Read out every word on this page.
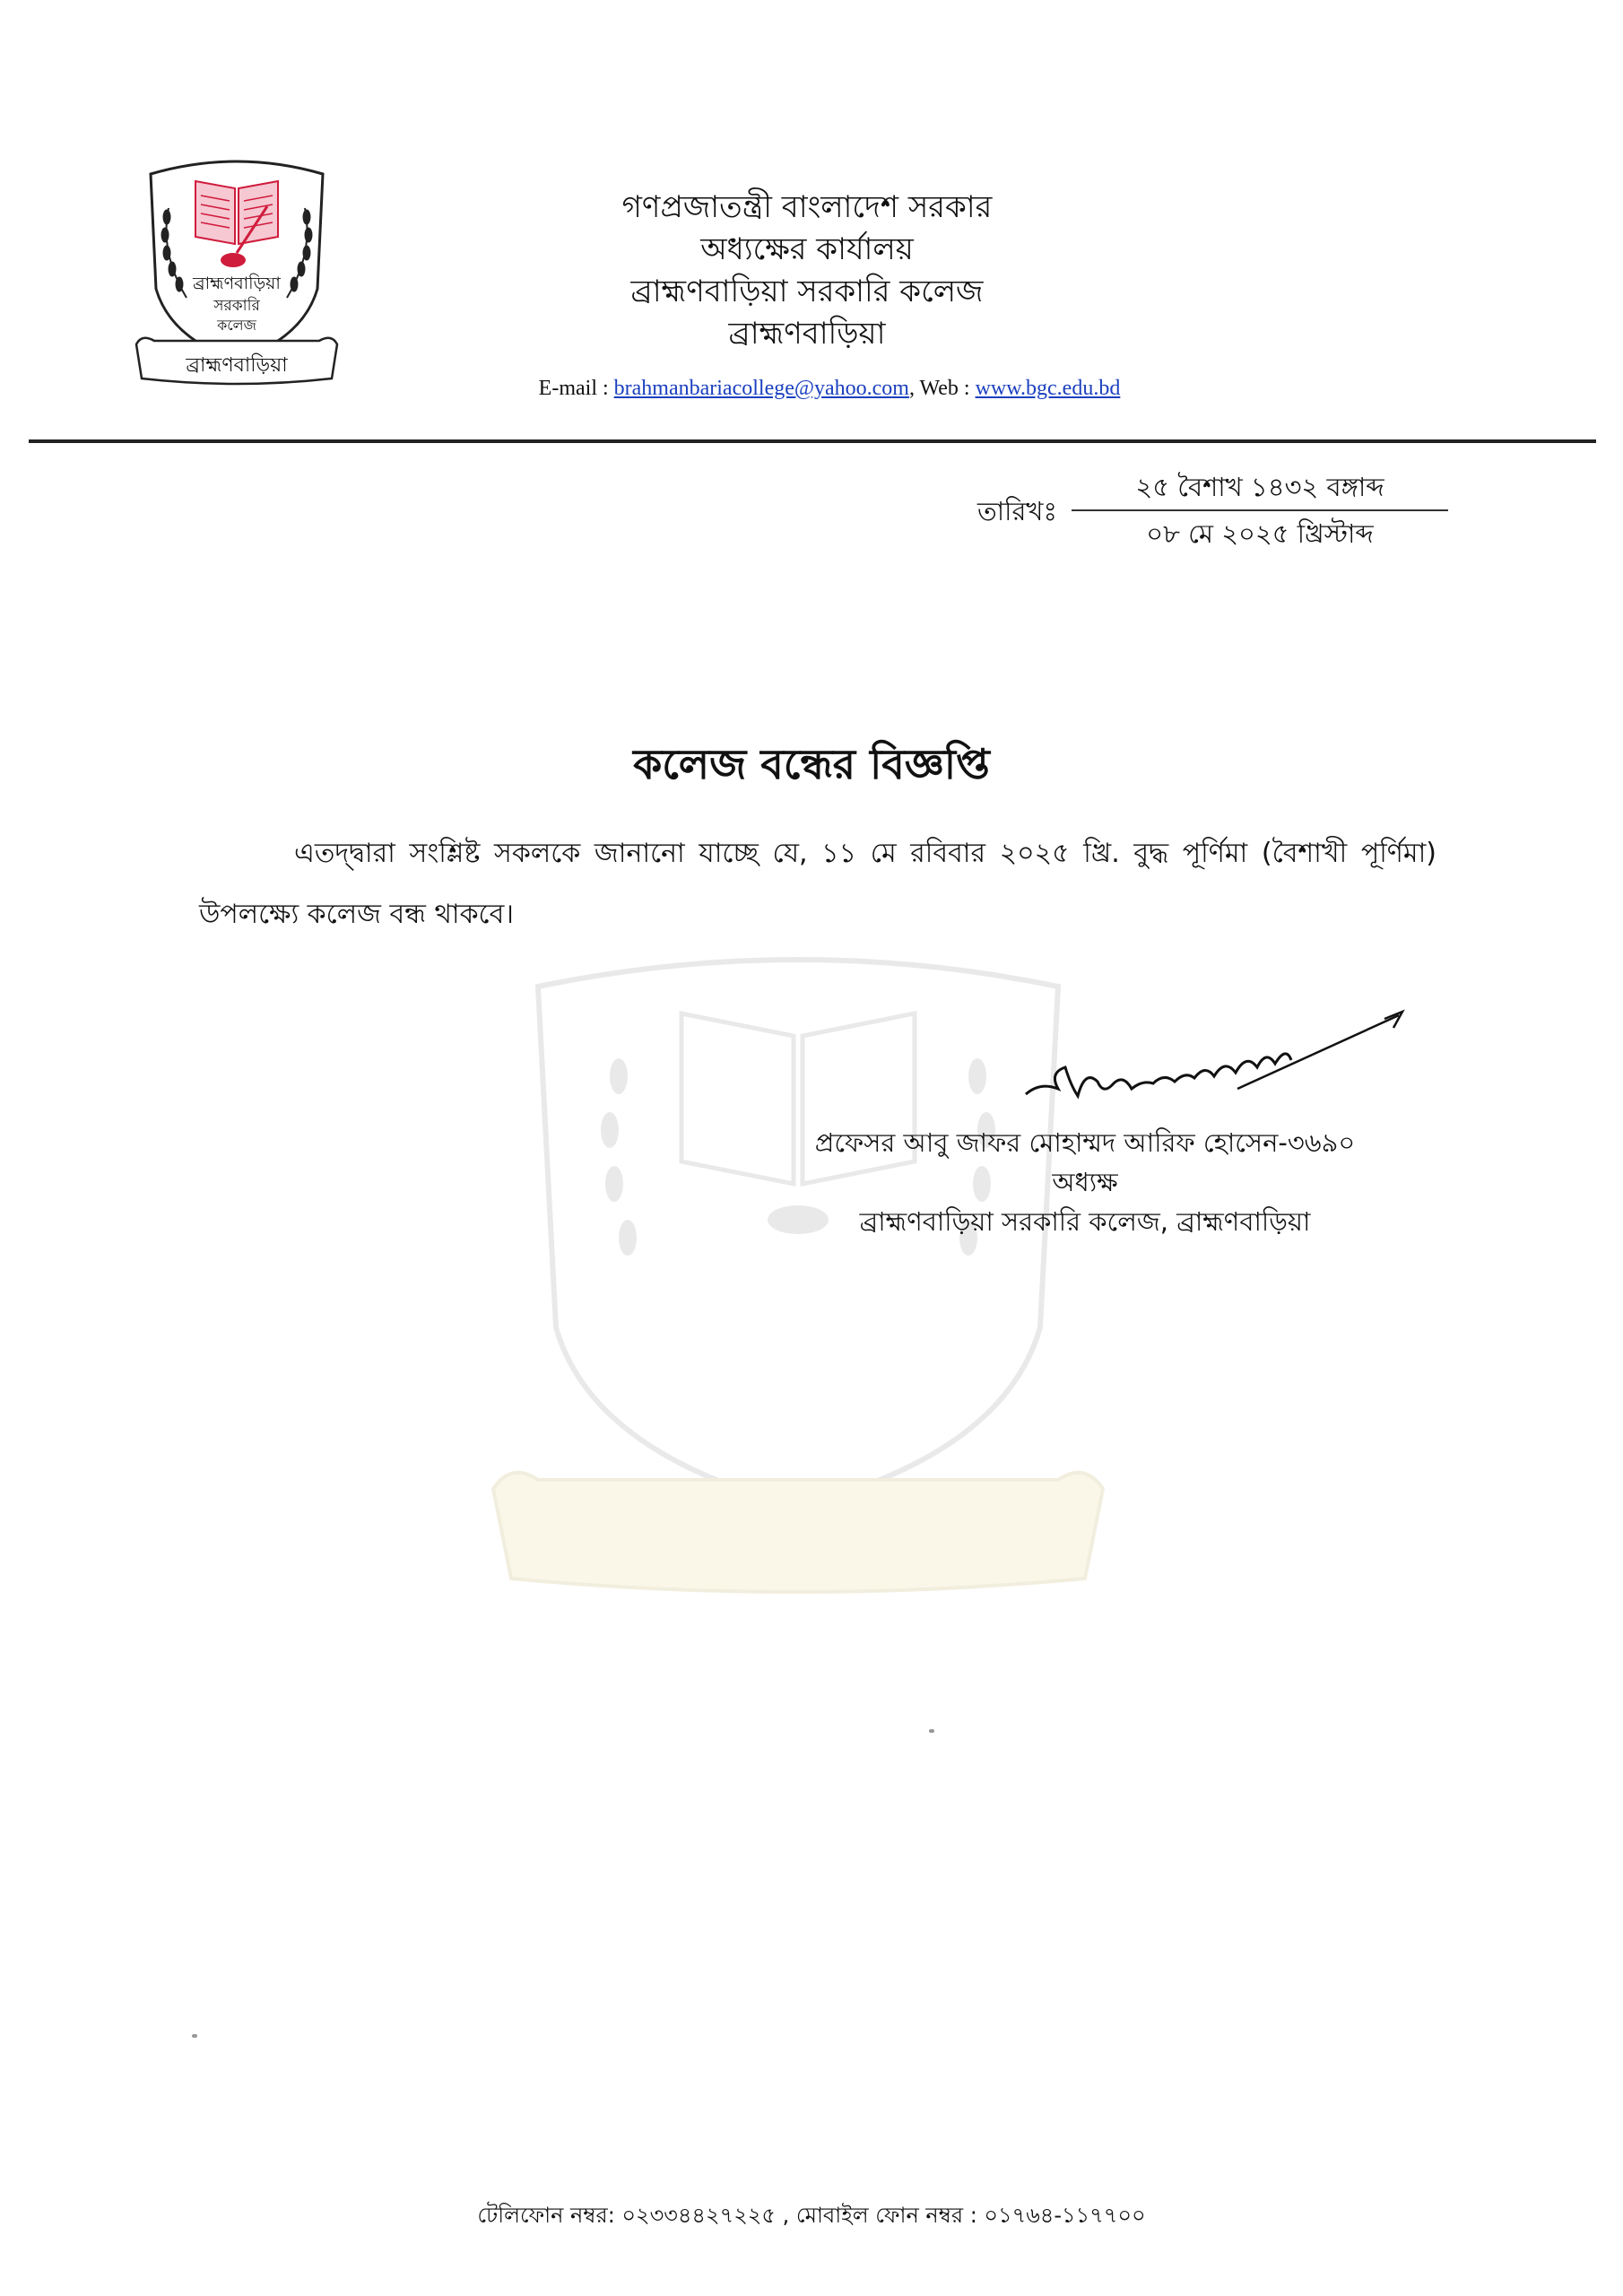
ব্রাহ্মণবাড়িয়া
সরকারি
কলেজ
ব্রাহ্মণবাড়িয়া
গণপ্রজাতন্ত্রী বাংলাদেশ সরকার
অধ্যক্ষের কার্যালয়
ব্রাহ্মণবাড়িয়া সরকারি কলেজ
ব্রাহ্মণবাড়িয়া
E-mail : brahmanbariacollege@yahoo.com, Web : www.bgc.edu.bd
তারিখঃ
২৫ বৈশাখ ১৪৩২ বঙ্গাব্দ
০৮ মে ২০২৫ খ্রিস্টাব্দ
কলেজ বন্ধের বিজ্ঞপ্তি
এতদ্দ্বারা সংশ্লিষ্ট সকলকে জানানো যাচ্ছে যে, ১১ মে রবিবার ২০২৫ খ্রি. বুদ্ধ পূর্ণিমা (বৈশাখী পূর্ণিমা) উপলক্ষ্যে কলেজ বন্ধ থাকবে।
প্রফেসর আবু জাফর মোহাম্মদ আরিফ হোসেন-৩৬৯০
অধ্যক্ষ
ব্রাহ্মণবাড়িয়া সরকারি কলেজ, ব্রাহ্মণবাড়িয়া
টেলিফোন নম্বর: ০২৩৩৪৪২৭২২৫ , মোবাইল ফোন নম্বর : ০১৭৬৪-১১৭৭০০
